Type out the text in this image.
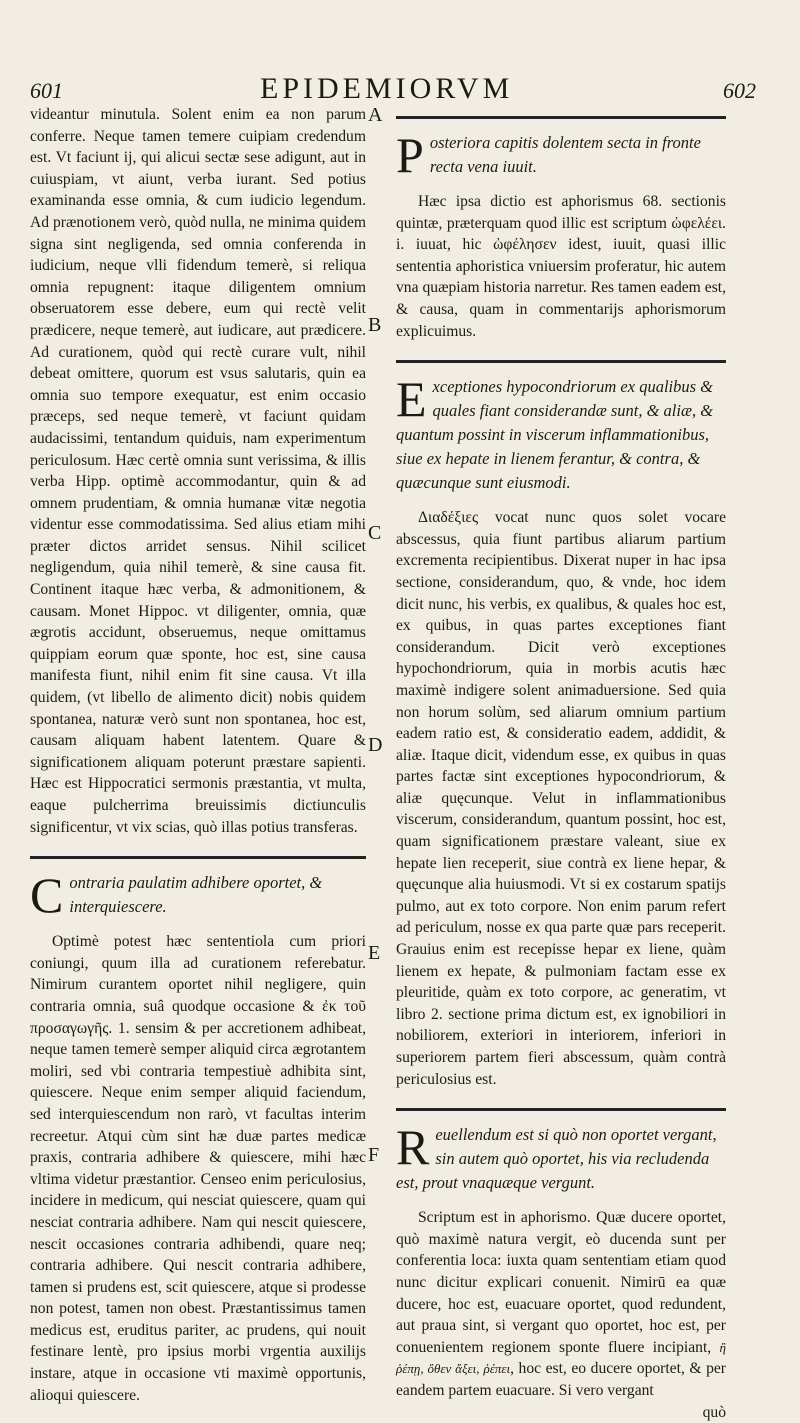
601	EPIDEMIORVM	602
A
B
C
D
E
F

videantur minutula. Solent enim ea non parum conferre. Neque tamen temere cuipiam credendum est. Vt faciunt ij, qui alicui sectæ sese adigunt, aut in cuiuspiam, vt aiunt, verba iurant. Sed potius examinanda esse omnia, & cum iudicio legendum. Ad prænotionem verò, quòd nulla, ne minima quidem signa sint negligenda, sed omnia conferenda in iudicium, neque vlli fidendum temerè, si reliqua omnia repugnent: itaque diligentem omnium obseruatorem esse debere, eum qui rectè velit prædicere, neque temerè, aut iudicare, aut prædicere. Ad curationem, quòd qui rectè curare vult, nihil debeat omittere, quorum est vsus salutaris, quin ea omnia suo tempore exequatur, est enim occasio præceps, sed neque temerè, vt faciunt quidam audacissimi, tentandum quiduis, nam experimentum periculosum. Hæc certè omnia sunt verissima, & illis verba Hipp. optimè accommodantur, quin & ad omnem prudentiam, & omnia humanæ vitæ negotia videntur esse commodatissima. Sed alius etiam mihi præter dictos arridet sensus. Nihil scilicet negligendum, quia nihil temerè, & sine causa fit. Continent itaque hæc verba, & admonitionem, & causam. Monet Hippoc. vt diligenter, omnia, quæ ægrotis accidunt, obseruemus, neque omittamus quippiam eorum quæ sponte, hoc est, sine causa manifesta fiunt, nihil enim fit sine causa. Vt illa quidem, (vt libello de alimento dicit) nobis quidem spontanea, naturæ verò sunt non spontanea, hoc est, causam aliquam habent latentem. Quare & significationem aliquam poterunt præstare sapienti. Hæc est Hippocratici sermonis præstantia, vt multa, eaque pulcherrima breuissimis dictiunculis significentur, vt vix scias, quò illas potius transferas.

Contraria paulatim adhibere oportet, & interquiescere.

Optimè potest hæc sententiola cum priori coniungi, quum illa ad curationem referebatur. Nimirum curantem oportet nihil negligere, quin contraria omnia, suâ quodque occasione & ἐκ τοῦ προσαγωγῆς. 1. sensim & per accretionem adhibeat, neque tamen temerè semper aliquid circa ægrotantem moliri, sed vbi contraria tempestiuè adhibita sint, quiescere. Neque enim semper aliquid faciendum, sed interquiescendum non rarò, vt facultas interim recreetur. Atqui cùm sint hæ duæ partes medicæ praxis, contraria adhibere & quiescere, mihi hæc vltima videtur præstantior. Censeo enim periculosius, incidere in medicum, qui nesciat quiescere, quam qui nesciat contraria adhibere. Nam qui nescit quiescere, nescit occasiones contraria adhibendi, quare neq; contraria adhibere. Qui nescit contraria adhibere, tamen si prudens est, scit quiescere, atque si prodesse non potest, tamen non obest. Præstantissimus tamen medicus est, eruditus pariter, ac prudens, qui nouit festinare lentè, pro ipsius morbi vrgentia auxilijs instare, atque in occasione vti maximè opportunis, alioqui quiescere.

Posteriora capitis dolentem secta in fronte recta vena iuuit.

Hæc ipsa dictio est aphorismus 68. sectionis quintæ, præterquam quod illic est scriptum ὠφελέει. i. iuuat, hic ὠφέλησεν idest, iuuit, quasi illic sententia aphoristica vniuersim proferatur, hic autem vna quæpiam historia narretur. Res tamen eadem est, & causa, quam in commentarijs aphorismorum explicuimus.

Exceptiones hypocondriorum ex qualibus & quales fiant considerandæ sunt, & aliæ, & quantum possint in viscerum inflammationibus, siue ex hepate in lienem ferantur, & contra, & quæcunque sunt eiusmodi.

Διαδέξιες vocat nunc quos solet vocare abscessus, quia fiunt partibus aliarum partium excrementa recipientibus. Dixerat nuper in hac ipsa sectione, considerandum, quo, & vnde, hoc idem dicit nunc, his verbis, ex qualibus, & quales hoc est, ex quibus, in quas partes exceptiones fiant considerandum. Dicit verò exceptiones hypochondriorum, quia in morbis acutis hæc maximè indigere solent animaduersione. Sed quia non horum solùm, sed aliarum omnium partium eadem ratio est, & consideratio eadem, addidit, & aliæ. Itaque dicit, videndum esse, ex quibus in quas partes factæ sint exceptiones hypocondriorum, & aliæ quęcunque. Velut in inflammationibus viscerum, considerandum, quantum possint, hoc est, quam significationem præstare valeant, siue ex hepate lien receperit, siue contrà ex liene hepar, & quęcunque alia huiusmodi. Vt si ex costarum spatijs pulmo, aut ex toto corpore. Non enim parum refert ad periculum, nosse ex qua parte quæ pars receperit. Grauius enim est recepisse hepar ex liene, quàm lienem ex hepate, & pulmoniam factam esse ex pleuritide, quàm ex toto corpore, ac generatim, vt libro 2. sectione prima dictum est, ex ignobiliori in nobiliorem, exteriori in interiorem, inferiori in superiorem partem fieri abscessum, quàm contrà periculosius est.

Reuellendum est si quò non oportet vergant, sin autem quò oportet, his via recludenda est, prout vnaquæque vergunt.

Scriptum est in aphorismo. Quæ ducere oportet, quò maximè natura vergit, eò ducenda sunt per conferentia loca: iuxta quam sententiam etiam quod nunc dicitur explicari conuenit. Nimirū ea quæ ducere, hoc est, euacuare oportet, quod redundent, aut praua sint, si vergant quo oportet, hoc est, per conuenientem regionem sponte fluere incipiant, ἢ ῥέπῃ, ὅθεν ἄξει, ῥέπει, hoc est, eo ducere oportet, & per eandem partem euacuare. Si vero vergant

quò
